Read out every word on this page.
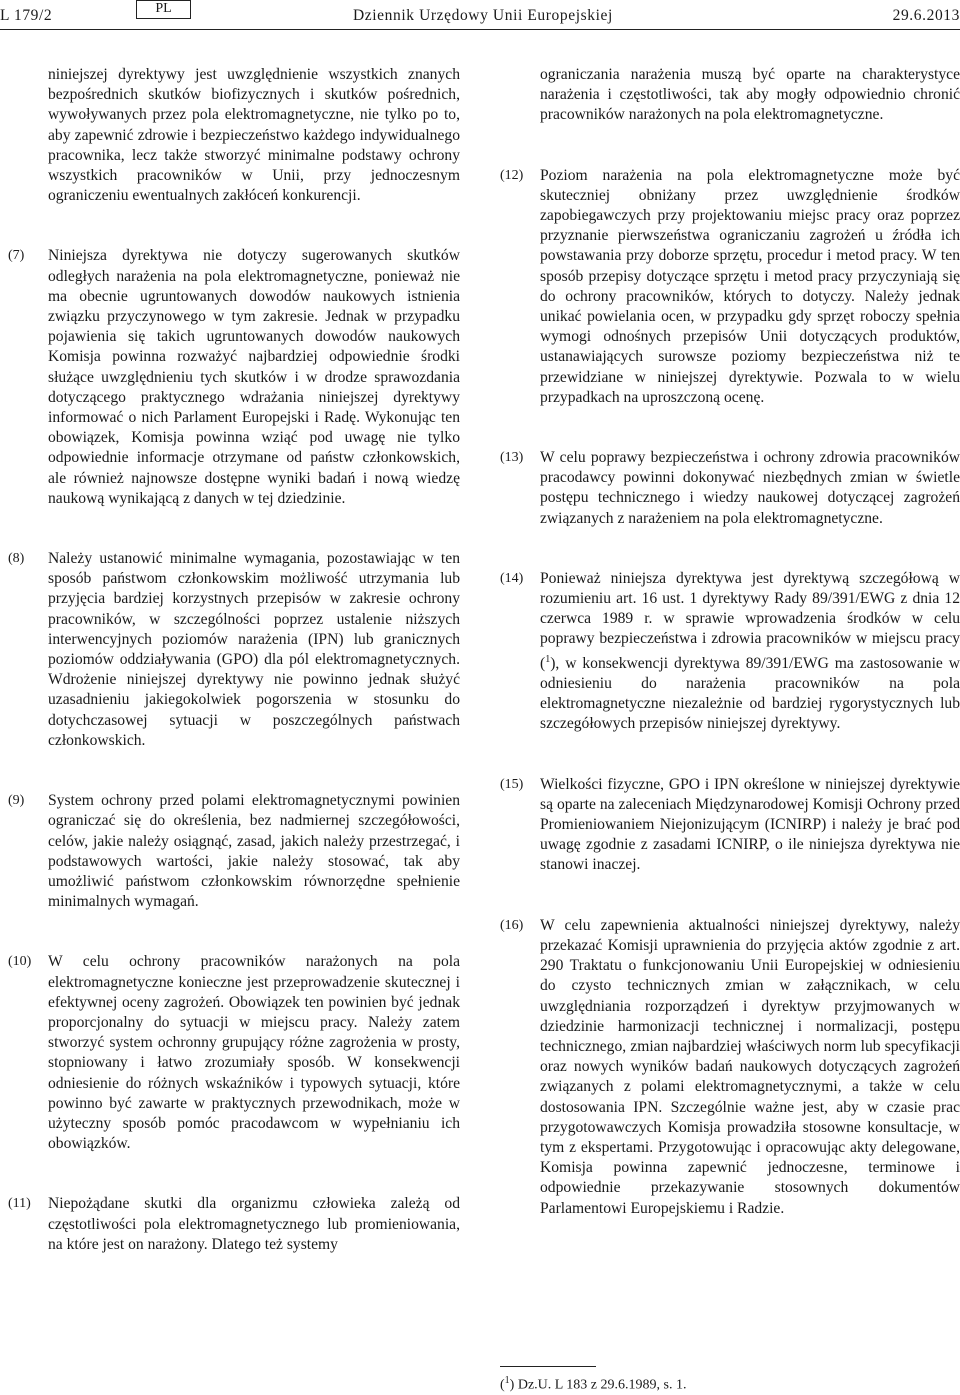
L 179/2	PL	Dziennik Urzędowy Unii Europejskiej	29.6.2013
niniejszej dyrektywy jest uwzględnienie wszystkich znanych bezpośrednich skutków biofizycznych i skutków pośrednich, wywoływanych przez pola elektromagnetyczne, nie tylko po to, aby zapewnić zdrowie i bezpieczeństwo każdego indywidualnego pracownika, lecz także stworzyć minimalne podstawy ochrony wszystkich pracowników w Unii, przy jednoczesnym ograniczeniu ewentualnych zakłóceń konkurencji.
(7)	Niniejsza dyrektywa nie dotyczy sugerowanych skutków odległych narażenia na pola elektromagnetyczne, ponieważ nie ma obecnie ugruntowanych dowodów naukowych istnienia związku przyczynowego w tym zakresie. Jednak w przypadku pojawienia się takich ugruntowanych dowodów naukowych Komisja powinna rozważyć najbardziej odpowiednie środki służące uwzględnieniu tych skutków i w drodze sprawozdania dotyczącego praktycznego wdrażania niniejszej dyrektywy informować o nich Parlament Europejski i Radę. Wykonując ten obowiązek, Komisja powinna wziąć pod uwagę nie tylko odpowiednie informacje otrzymane od państw członkowskich, ale również najnowsze dostępne wyniki badań i nową wiedzę naukową wynikającą z danych w tej dziedzinie.
(8)	Należy ustanowić minimalne wymagania, pozostawiając w ten sposób państwom członkowskim możliwość utrzymania lub przyjęcia bardziej korzystnych przepisów w zakresie ochrony pracowników, w szczególności poprzez ustalenie niższych interwencyjnych poziomów narażenia (IPN) lub granicznych poziomów oddziaływania (GPO) dla pól elektromagnetycznych. Wdrożenie niniejszej dyrektywy nie powinno jednak służyć uzasadnieniu jakiegokolwiek pogorszenia w stosunku do dotychczasowej sytuacji w poszczególnych państwach członkowskich.
(9)	System ochrony przed polami elektromagnetycznymi powinien ograniczać się do określenia, bez nadmiernej szczegółowości, celów, jakie należy osiągnąć, zasad, jakich należy przestrzegać, i podstawowych wartości, jakie należy stosować, tak aby umożliwić państwom członkowskim równorzędne spełnienie minimalnych wymagań.
(10)	W celu ochrony pracowników narażonych na pola elektromagnetyczne konieczne jest przeprowadzenie skutecznej i efektywnej oceny zagrożeń. Obowiązek ten powinien być jednak proporcjonalny do sytuacji w miejscu pracy. Należy zatem stworzyć system ochronny grupujący różne zagrożenia w prosty, stopniowany i łatwo zrozumiały sposób. W konsekwencji odniesienie do różnych wskaźników i typowych sytuacji, które powinno być zawarte w praktycznych przewodnikach, może w użyteczny sposób pomóc pracodawcom w wypełnianiu ich obowiązków.
(11)	Niepożądane skutki dla organizmu człowieka zależą od częstotliwości pola elektromagnetycznego lub promieniowania, na które jest on narażony. Dlatego też systemy
ograniczania narażenia muszą być oparte na charakterystyce narażenia i częstotliwości, tak aby mogły odpowiednio chronić pracowników narażonych na pola elektromagnetyczne.
(12)	Poziom narażenia na pola elektromagnetyczne może być skuteczniej obniżany przez uwzględnienie środków zapobiegawczych przy projektowaniu miejsc pracy oraz poprzez przyznanie pierwszeństwa ograniczaniu zagrożeń u źródła ich powstawania przy doborze sprzętu, procedur i metod pracy. W ten sposób przepisy dotyczące sprzętu i metod pracy przyczyniają się do ochrony pracowników, których to dotyczy. Należy jednak unikać powielania ocen, w przypadku gdy sprzęt roboczy spełnia wymogi odnośnych przepisów Unii dotyczących produktów, ustanawiających surowsze poziomy bezpieczeństwa niż te przewidziane w niniejszej dyrektywie. Pozwala to w wielu przypadkach na uproszczoną ocenę.
(13)	W celu poprawy bezpieczeństwa i ochrony zdrowia pracowników pracodawcy powinni dokonywać niezbędnych zmian w świetle postępu technicznego i wiedzy naukowej dotyczącej zagrożeń związanych z narażeniem na pola elektromagnetyczne.
(14)	Ponieważ niniejsza dyrektywa jest dyrektywą szczegółową w rozumieniu art. 16 ust. 1 dyrektywy Rady 89/391/EWG z dnia 12 czerwca 1989 r. w sprawie wprowadzenia środków w celu poprawy bezpieczeństwa i zdrowia pracowników w miejscu pracy ($^1$), w konsekwencji dyrektywa 89/391/EWG ma zastosowanie w odniesieniu do narażenia pracowników na pola elektromagnetyczne niezależnie od bardziej rygorystycznych lub szczegółowych przepisów niniejszej dyrektywy.
(15)	Wielkości fizyczne, GPO i IPN określone w niniejszej dyrektywie są oparte na zaleceniach Międzynarodowej Komisji Ochrony przed Promieniowaniem Niejonizującym (ICNIRP) i należy je brać pod uwagę zgodnie z zasadami ICNIRP, o ile niniejsza dyrektywa nie stanowi inaczej.
(16)	W celu zapewnienia aktualności niniejszej dyrektywy, należy przekazać Komisji uprawnienia do przyjęcia aktów zgodnie z art. 290 Traktatu o funkcjonowaniu Unii Europejskiej w odniesieniu do czysto technicznych zmian w załącznikach, w celu uwzględniania rozporządzeń i dyrektyw przyjmowanych w dziedzinie harmonizacji technicznej i normalizacji, postępu technicznego, zmian najbardziej właściwych norm lub specyfikacji oraz nowych wyników badań naukowych dotyczących zagrożeń związanych z polami elektromagnetycznymi, a także w celu dostosowania IPN. Szczególnie ważne jest, aby w czasie prac przygotowawczych Komisja prowadziła stosowne konsultacje, w tym z ekspertami. Przygotowując i opracowując akty delegowane, Komisja powinna zapewnić jednoczesne, terminowe i odpowiednie przekazywanie stosownych dokumentów Parlamentowi Europejskiemu i Radzie.
($^1$) Dz.U. L 183 z 29.6.1989, s. 1.
